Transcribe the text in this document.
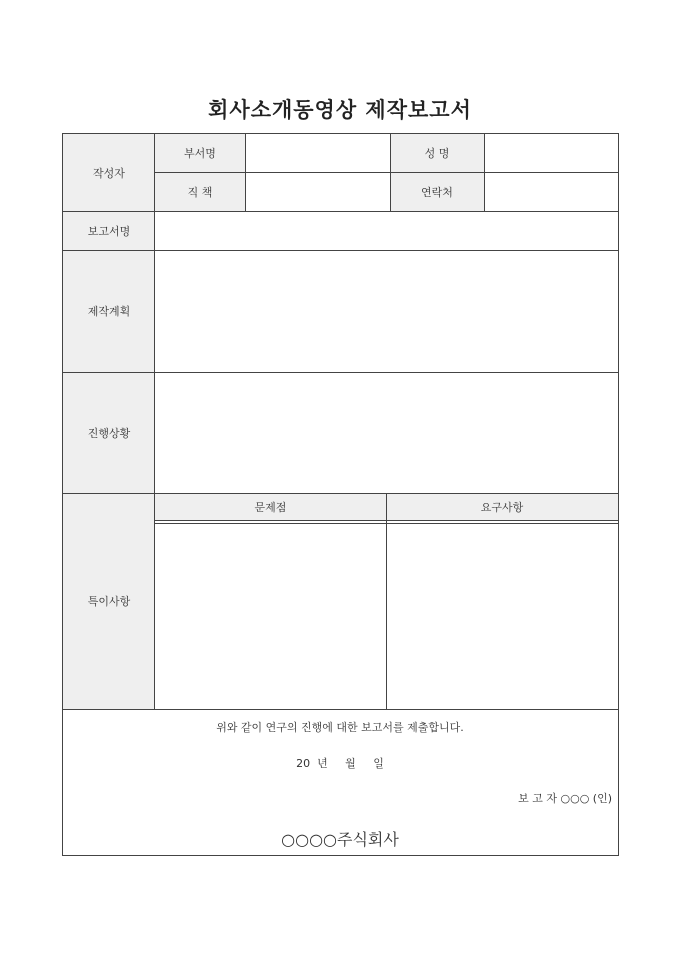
회사소개동영상 제작보고서
작성자
부서명
직 책
성 명
연락처
보고서명
제작계획
진행상황
특이사항
문제점	요구사항
위와 같이 연구의 진행에 대한 보고서를 제출합니다.
20  년     월     일
보 고 자 ○○○ (인)
○○○○주식회사
